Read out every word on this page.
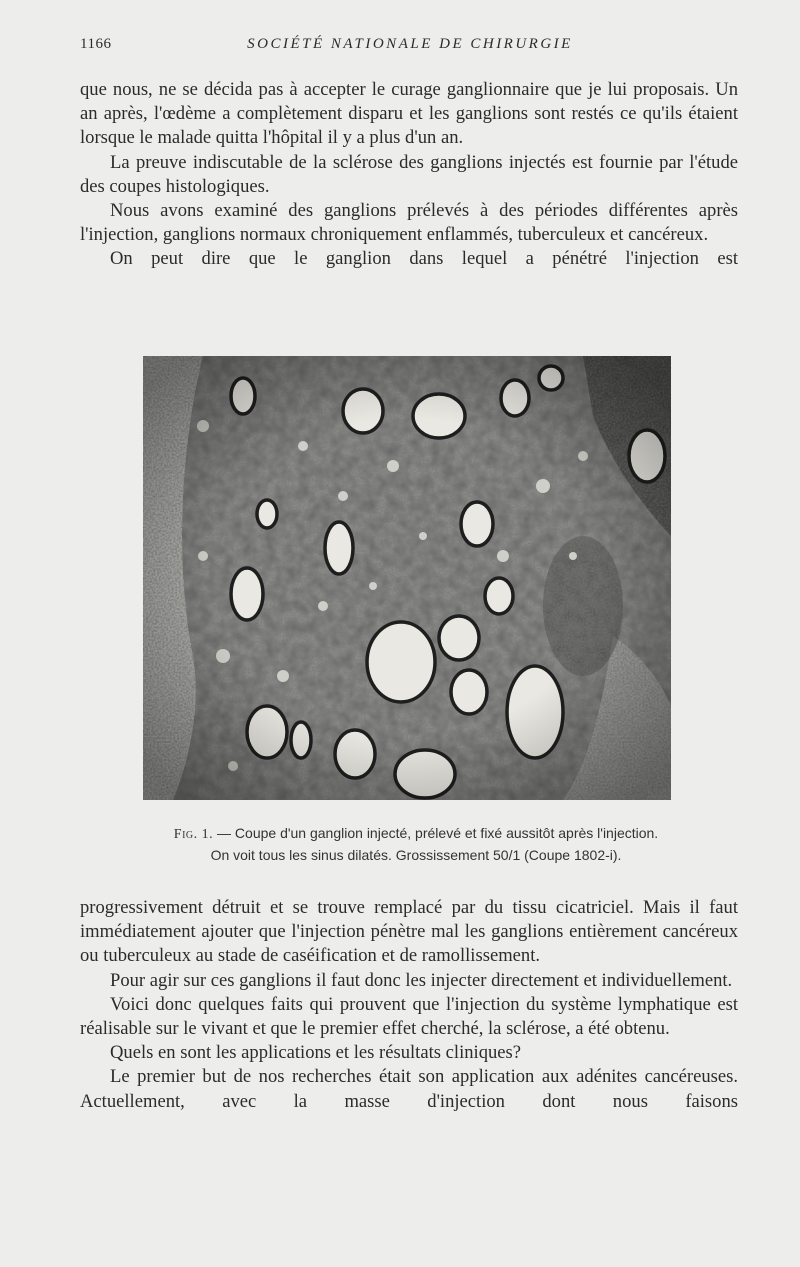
1166	SOCIÉTÉ NATIONALE DE CHIRURGIE

que nous, ne se décida pas à accepter le curage ganglionnaire que je lui proposais. Un an après, l'œdème a complètement disparu et les ganglions sont restés ce qu'ils étaient lorsque le malade quitta l'hôpital il y a plus d'un an.

La preuve indiscutable de la sclérose des ganglions injectés est fournie par l'étude des coupes histologiques.

Nous avons examiné des ganglions prélevés à des périodes différentes après l'injection, ganglions normaux chroniquement enflammés, tuberculeux et cancéreux.

On peut dire que le ganglion dans lequel a pénétré l'injection est

Fig. 1. — Coupe d'un ganglion injecté, prélevé et fixé aussitôt après l'injection.
On voit tous les sinus dilatés. Grossissement 50/1 (Coupe 1802-i).

progressivement détruit et se trouve remplacé par du tissu cicatriciel. Mais il faut immédiatement ajouter que l'injection pénètre mal les ganglions entièrement cancéreux ou tuberculeux au stade de caséification et de ramollissement.

Pour agir sur ces ganglions il faut donc les injecter directement et individuellement.

Voici donc quelques faits qui prouvent que l'injection du système lymphatique est réalisable sur le vivant et que le premier effet cherché, la sclérose, a été obtenu.

Quels en sont les applications et les résultats cliniques?

Le premier but de nos recherches était son application aux adénites cancéreuses. Actuellement, avec la masse d'injection dont nous faisons
